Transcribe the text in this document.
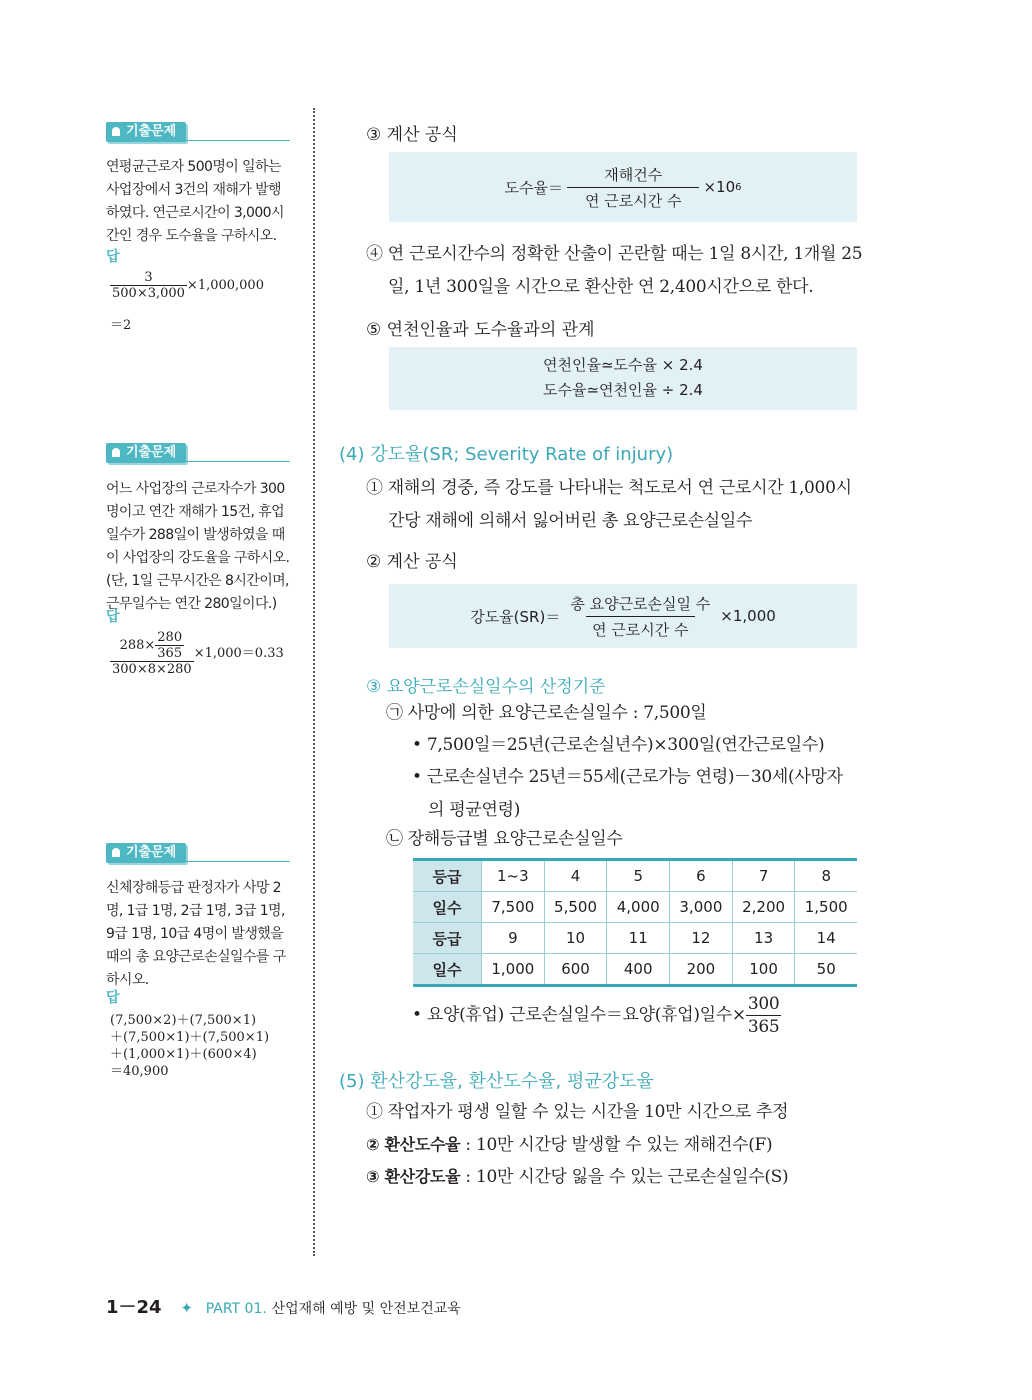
기출문제
연평균근로자 500명이 일하는 사업장에서 3건의 재해가 발행하였다. 연근로시간이 3,000시간인 경우 도수율을 구하시오.
답
$\frac{3}{500\times 3,000} \times 1,000,000$
＝2
기출문제
어느 사업장의 근로자수가 300명이고 연간 재해가 15건, 휴업일수가 288일이 발생하였을 때 이 사업장의 강도율을 구하시오. (단, 1일 근무시간은 8시간이며, 근무일수는 연간 280일이다.)
답
$\frac{288\times \frac{280}{365}}{300\times 8\times 280} \times 1,000=0.33$
기출문제
신체장해등급 판정자가 사망 2명, 1급 1명, 2급 1명, 3급 1명, 9급 1명, 10급 4명이 발생했을 때의 총 요양근로손실일수를 구하시오.
답
(7,500×2)＋(7,500×1)
＋(7,500×1)＋(7,500×1)
＋(1,000×1)＋(600×4)
＝40,900
③ 계산 공식
도수율＝ $\frac{\text{재해건수}}{\text{연 근로시간 수}} \times 10$ 6
④ 연 근로시간수의 정확한 산출이 곤란할 때는 1일 8시간, 1개월 25
일, 1년 300일을 시간으로 환산한 연 2,400시간으로 한다.
⑤ 연천인율과 도수율과의 관계
연천인율≃도수율 × 2.4
도수율≃연천인율 ÷ 2.4
(4) 강도율(SR; Severity Rate of injury)
① 재해의 경중, 즉 강도를 나타내는 척도로서 연 근로시간 1,000시
간당 재해에 의해서 잃어버린 총 요양근로손실일수
② 계산 공식
강도율$(SR)= \frac{\text{총 요양근로손실일 수}}{\text{연 근로시간 수}} \times 1,000$
③ 요양근로손실일수의 산정기준
㉠ 사망에 의한 요양근로손실일수 : 7,500일
• 7,500일＝25년(근로손실년수)×300일(연간근로일수)
• 근로손실년수 25년＝55세(근로가능 연령)－30세(사망자
의 평균연령)
㉡ 장해등급별 요양근로손실일수
등급	1~3	4	5	6	7	8
일수	7,500	5,500	4,000	3,000	2,200	1,500
등급	9	10	11	12	13	14
일수	1,000	600	400	200	100	50
• 요양(휴업) 근로손실일수＝요양(휴업)일수× $\frac{300}{365}$
(5) 환산강도율, 환산도수율, 평균강도율
① 작업자가 평생 일할 수 있는 시간을 10만 시간으로 추정
② 환산도수율 : 10만 시간당 발생할 수 있는 재해건수(F)
③ 환산강도율 : 10만 시간당 잃을 수 있는 근로손실일수(S)
1－24 ✦ PART 01. 산업재해 예방 및 안전보건교육
